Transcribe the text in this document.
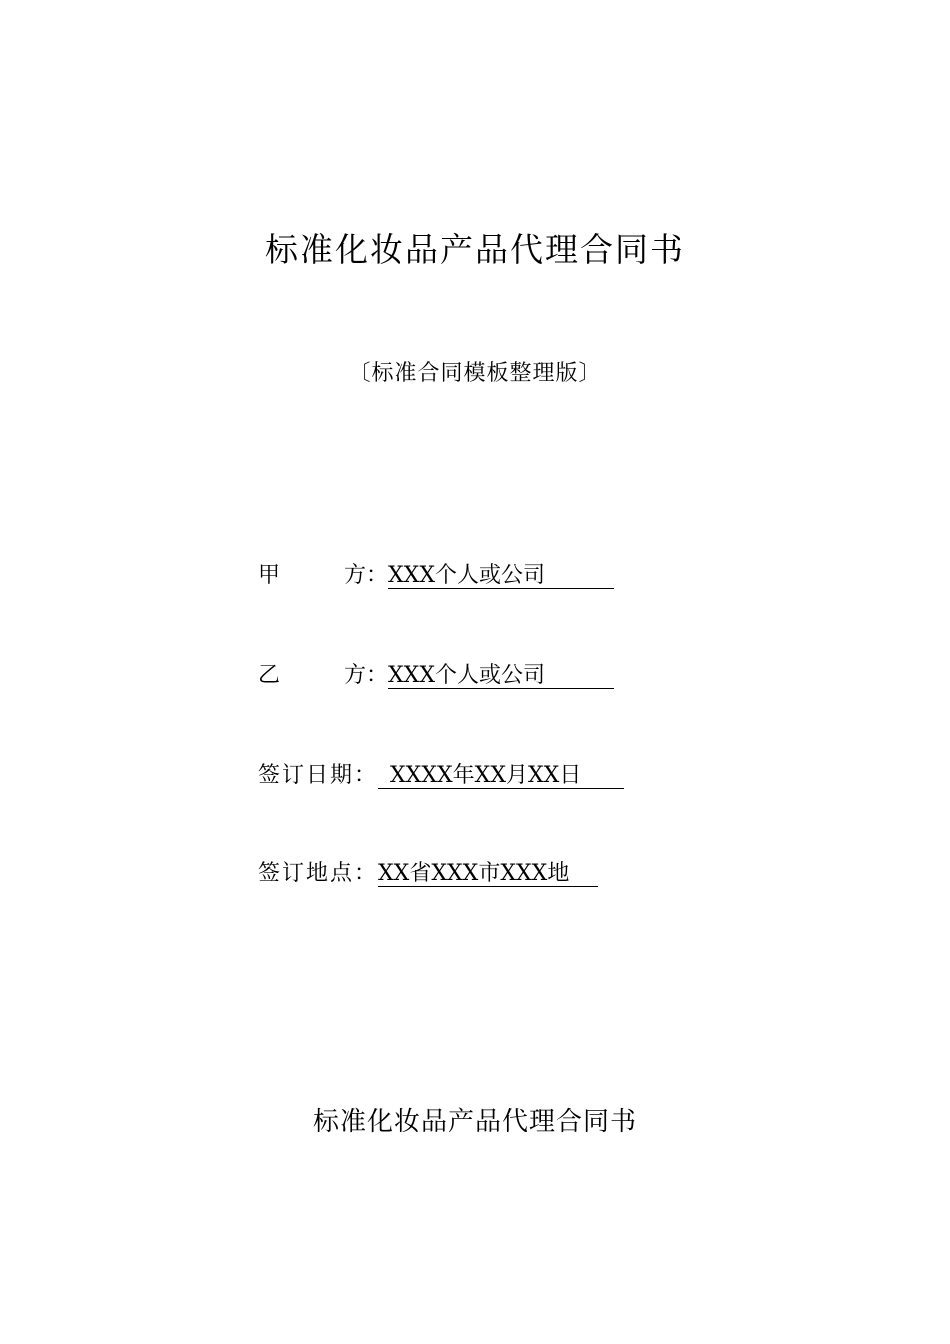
标准化妆品产品代理合同书
〔标准合同模板整理版〕
甲	方： XXX个人或公司
乙	方： XXX个人或公司
签订日期： XXXX年XX月XX日
签订地点： XX省XXX市XXX地
标准化妆品产品代理合同书
